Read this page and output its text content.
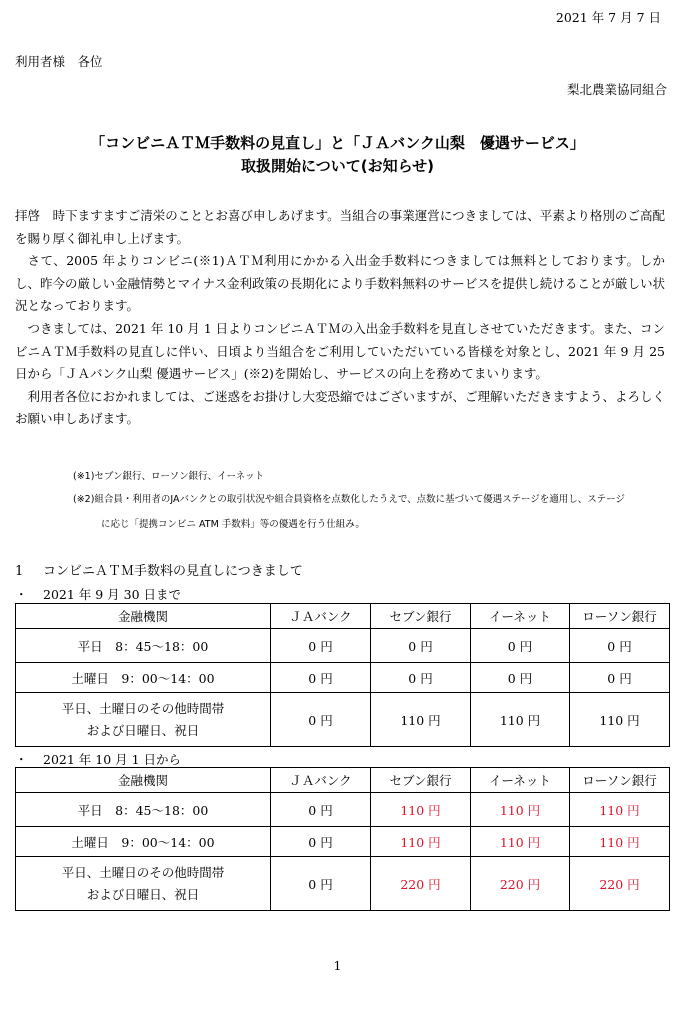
2021 年 7 月 7 日
利用者様　各位
梨北農業協同組合
「コンビニＡＴＭ手数料の見直し」と「ＪＡバンク山梨　優遇サービス」
取扱開始について(お知らせ)

拝啓　時下ますますご清栄のこととお喜び申しあげます。当組合の事業運営につきましては、平素より格別のご高配を賜り厚く御礼申し上げます。

さて、2005 年よりコンビニ(※1)ＡＴＭ利用にかかる入出金手数料につきましては無料としております。しかし、昨今の厳しい金融情勢とマイナス金利政策の長期化により手数料無料のサービスを提供し続けることが厳しい状況となっております。

つきましては、2021 年 10 月 1 日よりコンビニＡＴＭの入出金手数料を見直しさせていただきます。また、コンビニＡＴＭ手数料の見直しに伴い、日頃より当組合をご利用していただいている皆様を対象とし、2021 年 9 月 25 日から「ＪＡバンク山梨 優遇サービス」(※2)を開始し、サービスの向上を務めてまいります。

利用者各位におかれましては、ご迷惑をお掛けし大変恐縮ではございますが、ご理解いただきますよう、よろしくお願い申しあげます。

(※1)セブン銀行、ローソン銀行、イーネット
(※2)組合員・利用者のJAバンクとの取引状況や組合員資格を点数化したうえで、点数に基づいて優遇ステージを適用し、ステージ
に応じ「提携コンビニ ATM 手数料」等の優遇を行う仕組み。
1 コンビニＡＴＭ手数料の見直しにつきまして
・ 2021 年 9 月 30 日まで
金融機関	ＪＡバンク	セブン銀行	イーネット	ローソン銀行
平日　8：45〜18：00	0 円	0 円	0 円	0 円
土曜日　9：00〜14：00	0 円	0 円	0 円	0 円

平日、土曜日のその他時間帯
および日曜日、祝日	0 円	110 円	110 円	110 円
・ 2021 年 10 月 1 日から
金融機関	ＪＡバンク	セブン銀行	イーネット	ローソン銀行
平日　8：45〜18：00	0 円	110 円	110 円	110 円
土曜日　9：00〜14：00	0 円	110 円	110 円	110 円

平日、土曜日のその他時間帯
および日曜日、祝日	0 円	220 円	220 円	220 円
1
